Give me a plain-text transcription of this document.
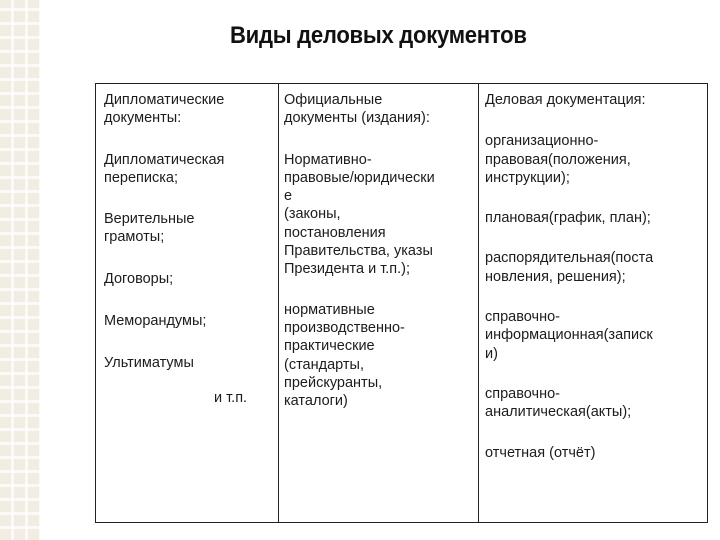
Виды деловых документов

Дипломатические
документы:

Дипломатическая
переписка;

Верительные
грамоты;

Договоры;

Меморандумы;

Ультиматумы

и т.п.

Официальные
документы (издания):

Нормативно-
правовые/юридически
е
(законы,
постановления
Правительства, указы
Президента и т.п.);

нормативные
производственно-
практические
(стандарты,
прейскуранты,
каталоги)

Деловая документация:

организационно-
правовая(положения,
инструкции);

плановая(график, план);

распорядительная(поста
новления, решения);

справочно-
информационная(записк
и)

справочно-
аналитическая(акты);

отчетная (отчёт)
